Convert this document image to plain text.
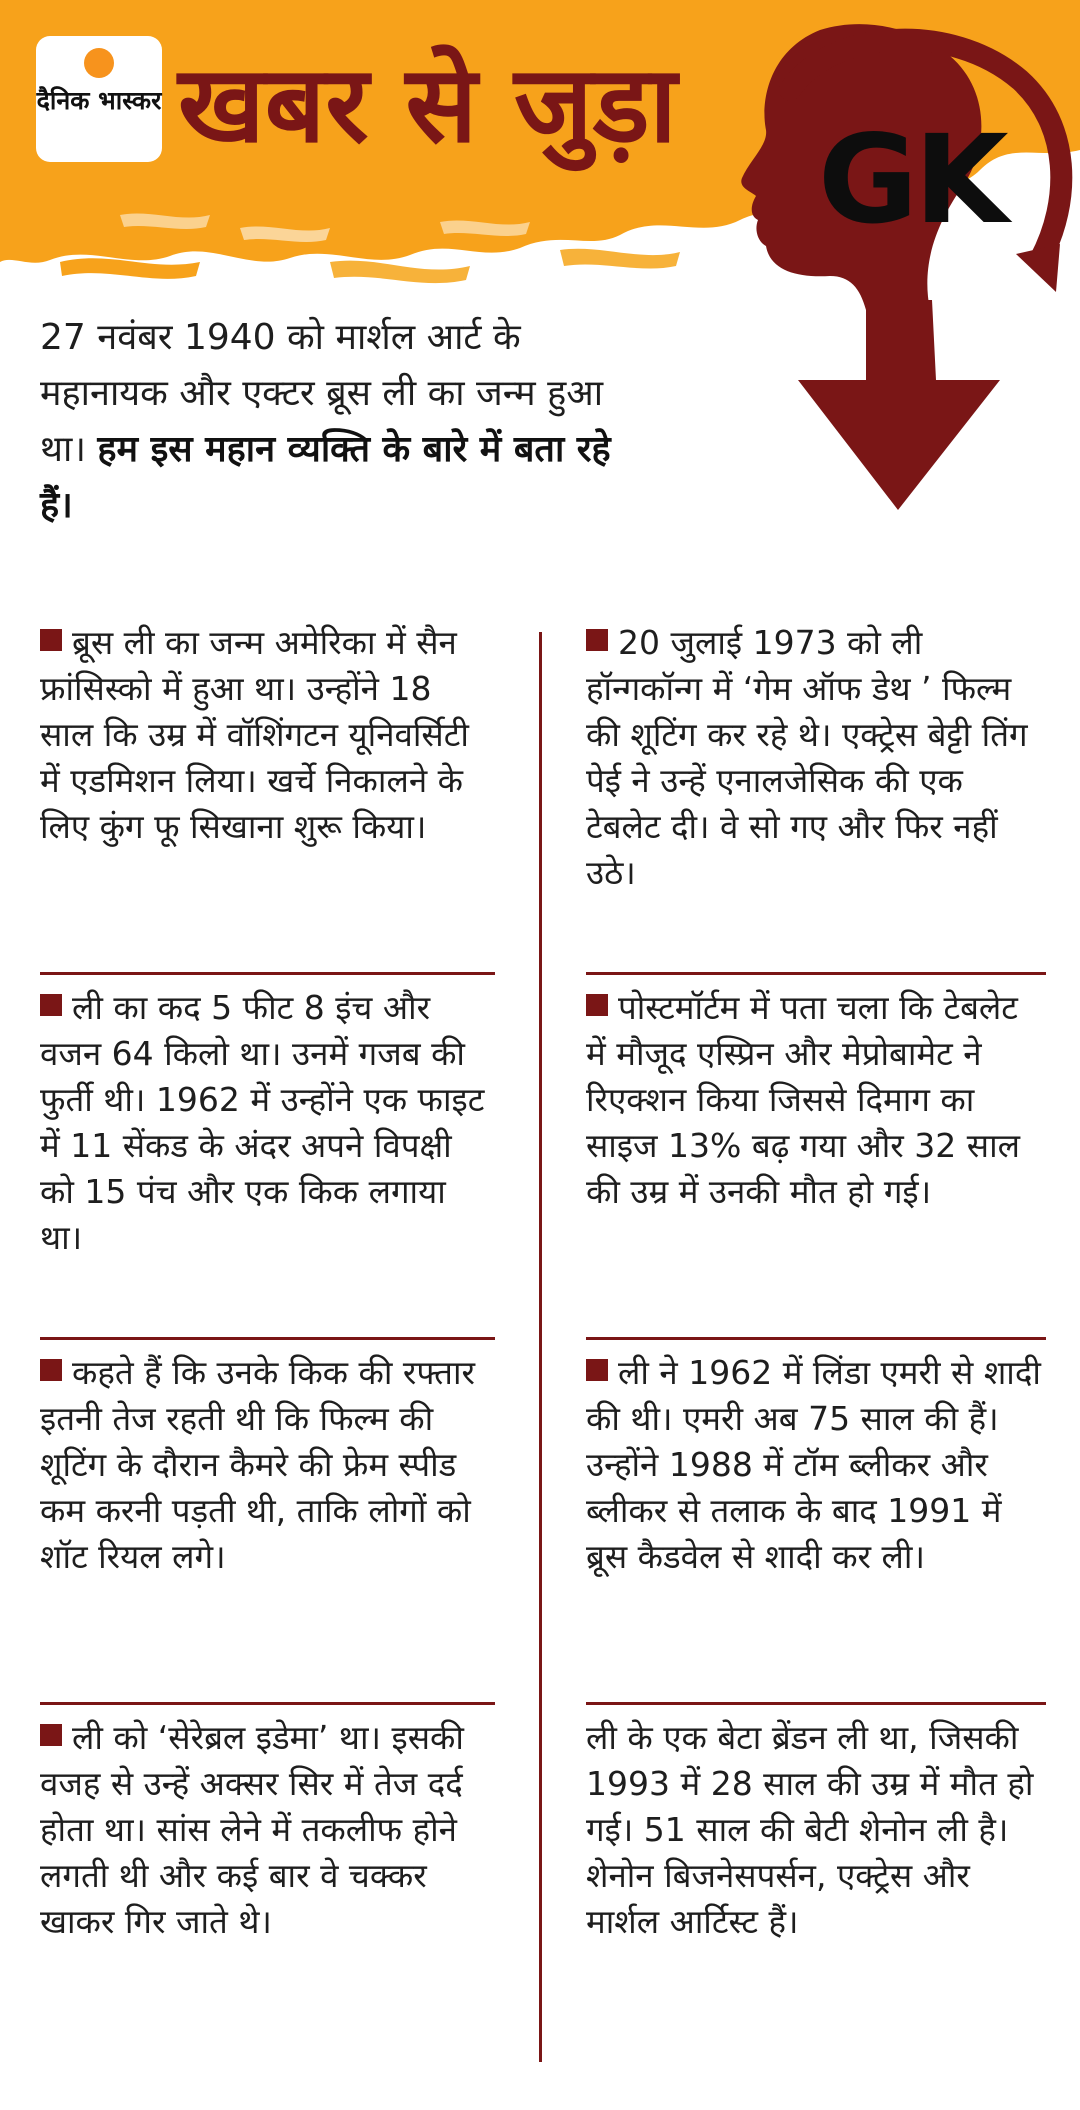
दैनिक भास्कर खबर से जुड़ा
GK
27 नवंबर 1940 को मार्शल आर्ट के महानायक और एक्टर ब्रूस ली का जन्म हुआ था। हम इस महान व्यक्ति के बारे में बता रहे हैं।
ब्रूस ली का जन्म अमेरिका में सैन फ्रांसिस्को में हुआ था। उन्होंने 18 साल कि उम्र में वॉशिंगटन यूनिवर्सिटी में एडमिशन लिया। खर्चे निकालने के लिए कुंग फू सिखाना शुरू किया।
ली का कद 5 फीट 8 इंच और वजन 64 किलो था। उनमें गजब की फुर्ती थी। 1962 में उन्होंने एक फाइट में 11 सेंकड के अंदर अपने विपक्षी को 15 पंच और एक किक लगाया था।
कहते हैं कि उनके किक की रफ्तार इतनी तेज रहती थी कि फिल्म की शूटिंग के दौरान कैमरे की फ्रेम स्पीड कम करनी पड़ती थी, ताकि लोगों को शॉट रियल लगे।
ली को ‘सेरेब्रल इडेमा’ था। इसकी वजह से उन्हें अक्सर सिर में तेज दर्द होता था। सांस लेने में तकलीफ होने लगती थी और कई बार वे चक्कर खाकर गिर जाते थे।
20 जुलाई 1973 को ली हॉन्गकॉन्ग में ‘गेम ऑफ डेथ ’ फिल्म की शूटिंग कर रहे थे। एक्ट्रेस बेट्टी तिंग पेई ने उन्हें एनालजेसिक की एक टेबलेट दी। वे सो गए और फिर नहीं उठे।
पोस्टमॉर्टम में पता चला कि टेबलेट में मौजूद एस्प्रिन और मेप्रोबामेट ने रिएक्शन किया जिससे दिमाग का साइज 13% बढ़ गया और 32 साल की उम्र में उनकी मौत हो गई।
ली ने 1962 में लिंडा एमरी से शादी की थी। एमरी अब 75 साल की हैं। उन्होंने 1988 में टॉम ब्लीकर और ब्लीकर से तलाक के बाद 1991 में ब्रूस कैडवेल से शादी कर ली।
ली के एक बेटा ब्रेंडन ली था, जिसकी 1993 में 28 साल की उम्र में मौत हो गई। 51 साल की बेटी शेनोन ली है। शेनोन बिजनेसपर्सन, एक्ट्रेस और मार्शल आर्टिस्ट हैं।
